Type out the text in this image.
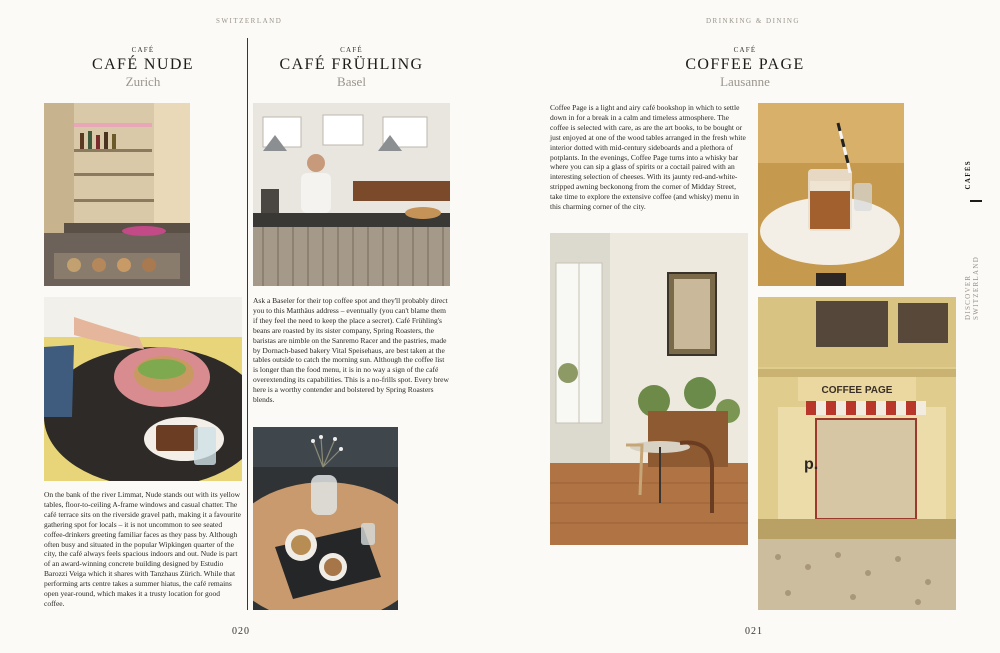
SWITZERLAND	DRINKING & DINING
CAFÉ
CAFÉ NUDE
Zurich
On the bank of the river Limmat, Nude stands out with its yellow tables, floor-to-ceiling A-frame windows and casual chatter. The café terrace sits on the riverside gravel path, making it a favourite gathering spot for locals – it is not uncommon to see seated coffee-drinkers greeting familiar faces as they pass by. Although often busy and situated in the popular Wipkingen quarter of the city, the café always feels spacious indoors and out. Nude is part of an award-winning concrete building designed by Estudio Barozzi Veiga which it shares with Tanzhaus Zürich. While that performing arts centre takes a summer hiatus, the café remains open year-round, which makes it a trusty location for good coffee.
CAFÉ
CAFÉ FRÜHLING
Basel
Ask a Baseler for their top coffee spot and they'll probably direct you to this Matthäus address – eventually (you can't blame them if they feel the need to keep the place a secret). Café Frühling's beans are roasted by its sister company, Spring Roasters, the baristas are nimble on the Sanremo Racer and the pastries, made by Dornach-based bakery Vital Speisehaus, are best taken at the tables outside to catch the morning sun. Although the coffee list is longer than the food menu, it is in no way a sign of the café overextending its capabilities. This is a no-frills spot. Every brew here is a worthy contender and bolstered by Spring Roasters blends.
CAFÉ
COFFEE PAGE
Lausanne
Coffee Page is a light and airy café bookshop in which to settle down in for a break in a calm and timeless atmosphere. The coffee is selected with care, as are the art books, to be bought or just enjoyed at one of the wood tables arranged in the fresh white interior dotted with mid-century sideboards and a plethora of potplants. In the evenings, Coffee Page turns into a whisky bar where you can sip a glass of spirits or a coctail paired with an interesting selection of cheeses. With its jaunty red-and-white-stripped awning beckonong from the corner of Midday Street, take time to explore the extensive coffee (and whisky) menu in this charming corner of the city.
COFFEE PAGE
p.
CAFÉS
DISCOVER SWITZERLAND
020	021
